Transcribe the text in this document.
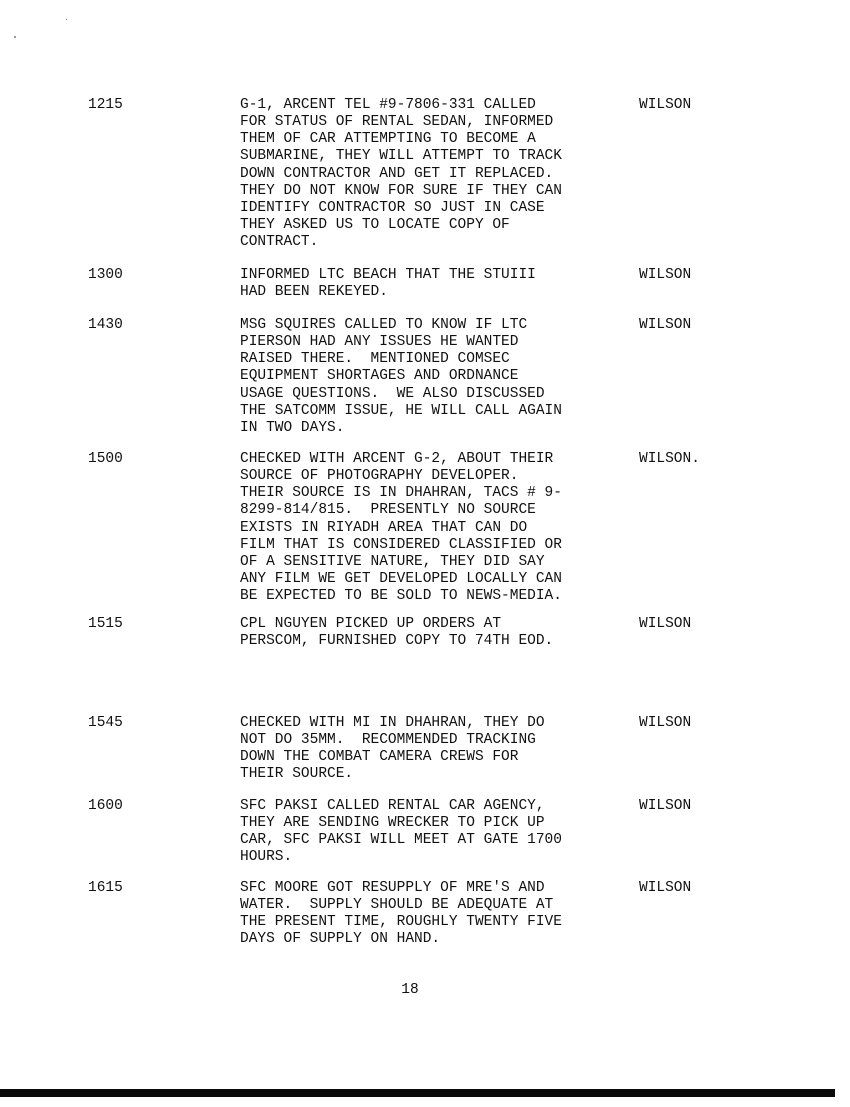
1215	G-1, ARCENT TEL #9-7806-331 CALLED
FOR STATUS OF RENTAL SEDAN, INFORMED
THEM OF CAR ATTEMPTING TO BECOME A
SUBMARINE, THEY WILL ATTEMPT TO TRACK
DOWN CONTRACTOR AND GET IT REPLACED.
THEY DO NOT KNOW FOR SURE IF THEY CAN
IDENTIFY CONTRACTOR SO JUST IN CASE
THEY ASKED US TO LOCATE COPY OF
CONTRACT.
WILSON
1300	INFORMED LTC BEACH THAT THE STUIII
HAD BEEN REKEYED.
WILSON
1430	MSG SQUIRES CALLED TO KNOW IF LTC
PIERSON HAD ANY ISSUES HE WANTED
RAISED THERE.  MENTIONED COMSEC
EQUIPMENT SHORTAGES AND ORDNANCE
USAGE QUESTIONS.  WE ALSO DISCUSSED
THE SATCOMM ISSUE, HE WILL CALL AGAIN
IN TWO DAYS.
WILSON
1500	CHECKED WITH ARCENT G-2, ABOUT THEIR
SOURCE OF PHOTOGRAPHY DEVELOPER.
THEIR SOURCE IS IN DHAHRAN, TACS # 9-
8299-814/815.  PRESENTLY NO SOURCE
EXISTS IN RIYADH AREA THAT CAN DO
FILM THAT IS CONSIDERED CLASSIFIED OR
OF A SENSITIVE NATURE, THEY DID SAY
ANY FILM WE GET DEVELOPED LOCALLY CAN
BE EXPECTED TO BE SOLD TO NEWS-MEDIA.
WILSON.
1515	CPL NGUYEN PICKED UP ORDERS AT
PERSCOM, FURNISHED COPY TO 74TH EOD.
WILSON
1545	CHECKED WITH MI IN DHAHRAN, THEY DO
NOT DO 35MM.  RECOMMENDED TRACKING
DOWN THE COMBAT CAMERA CREWS FOR
THEIR SOURCE.
WILSON
1600	SFC PAKSI CALLED RENTAL CAR AGENCY,
THEY ARE SENDING WRECKER TO PICK UP
CAR, SFC PAKSI WILL MEET AT GATE 1700
HOURS.
WILSON
1615	SFC MOORE GOT RESUPPLY OF MRE'S AND
WATER.  SUPPLY SHOULD BE ADEQUATE AT
THE PRESENT TIME, ROUGHLY TWENTY FIVE
DAYS OF SUPPLY ON HAND.
WILSON
18
